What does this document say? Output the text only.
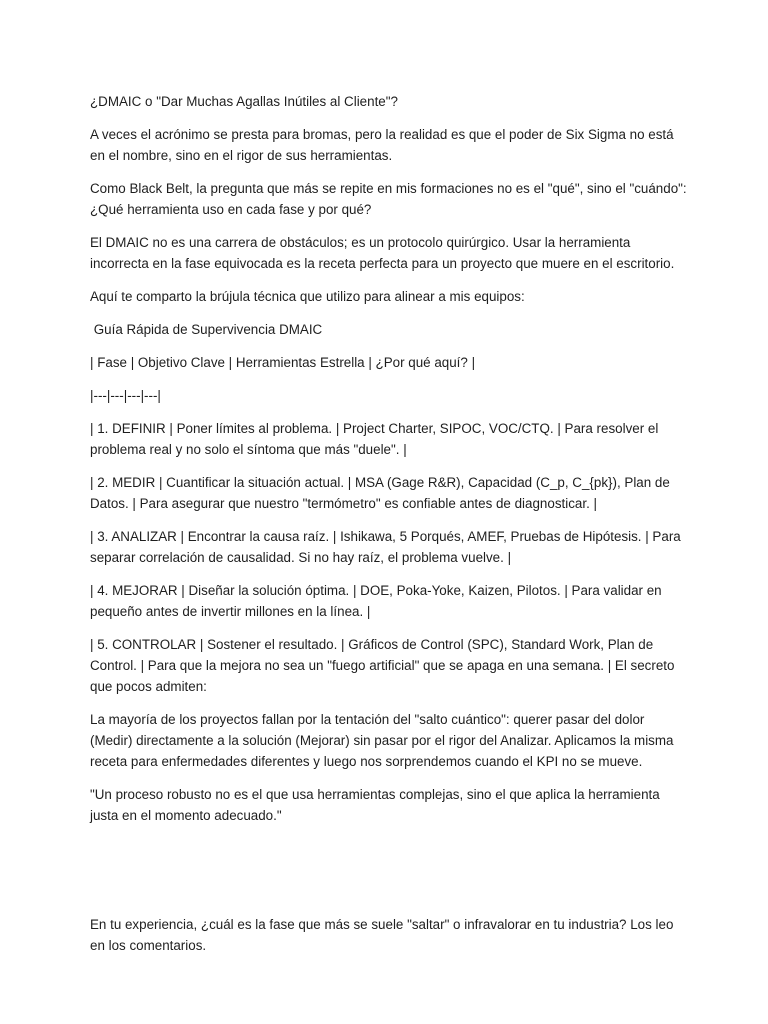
¿DMAIC o "Dar Muchas Agallas Inútiles al Cliente"?

A veces el acrónimo se presta para bromas, pero la realidad es que el poder de Six Sigma no está en el nombre, sino en el rigor de sus herramientas.

Como Black Belt, la pregunta que más se repite en mis formaciones no es el "qué", sino el "cuándo": ¿Qué herramienta uso en cada fase y por qué?

El DMAIC no es una carrera de obstáculos; es un protocolo quirúrgico. Usar la herramienta incorrecta en la fase equivocada es la receta perfecta para un proyecto que muere en el escritorio.

Aquí te comparto la brújula técnica que utilizo para alinear a mis equipos:

Guía Rápida de Supervivencia DMAIC

| Fase | Objetivo Clave | Herramientas Estrella | ¿Por qué aquí? |

|---|---|---|---|

| 1. DEFINIR | Poner límites al problema. | Project Charter, SIPOC, VOC/CTQ. | Para resolver el problema real y no solo el síntoma que más "duele". |

| 2. MEDIR | Cuantificar la situación actual. | MSA (Gage R&R), Capacidad (C_p, C_{pk}), Plan de Datos. | Para asegurar que nuestro "termómetro" es confiable antes de diagnosticar. |

| 3. ANALIZAR | Encontrar la causa raíz. | Ishikawa, 5 Porqués, AMEF, Pruebas de Hipótesis. | Para separar correlación de causalidad. Si no hay raíz, el problema vuelve. |

| 4. MEJORAR | Diseñar la solución óptima. | DOE, Poka-Yoke, Kaizen, Pilotos. | Para validar en pequeño antes de invertir millones en la línea. |

| 5. CONTROLAR | Sostener el resultado. | Gráficos de Control (SPC), Standard Work, Plan de Control. | Para que la mejora no sea un "fuego artificial" que se apaga en una semana. | El secreto que pocos admiten:

La mayoría de los proyectos fallan por la tentación del "salto cuántico": querer pasar del dolor (Medir) directamente a la solución (Mejorar) sin pasar por el rigor del Analizar. Aplicamos la misma receta para enfermedades diferentes y luego nos sorprendemos cuando el KPI no se mueve.

"Un proceso robusto no es el que usa herramientas complejas, sino el que aplica la herramienta justa en el momento adecuado."

En tu experiencia, ¿cuál es la fase que más se suele "saltar" o infravalorar en tu industria? Los leo en los comentarios.
